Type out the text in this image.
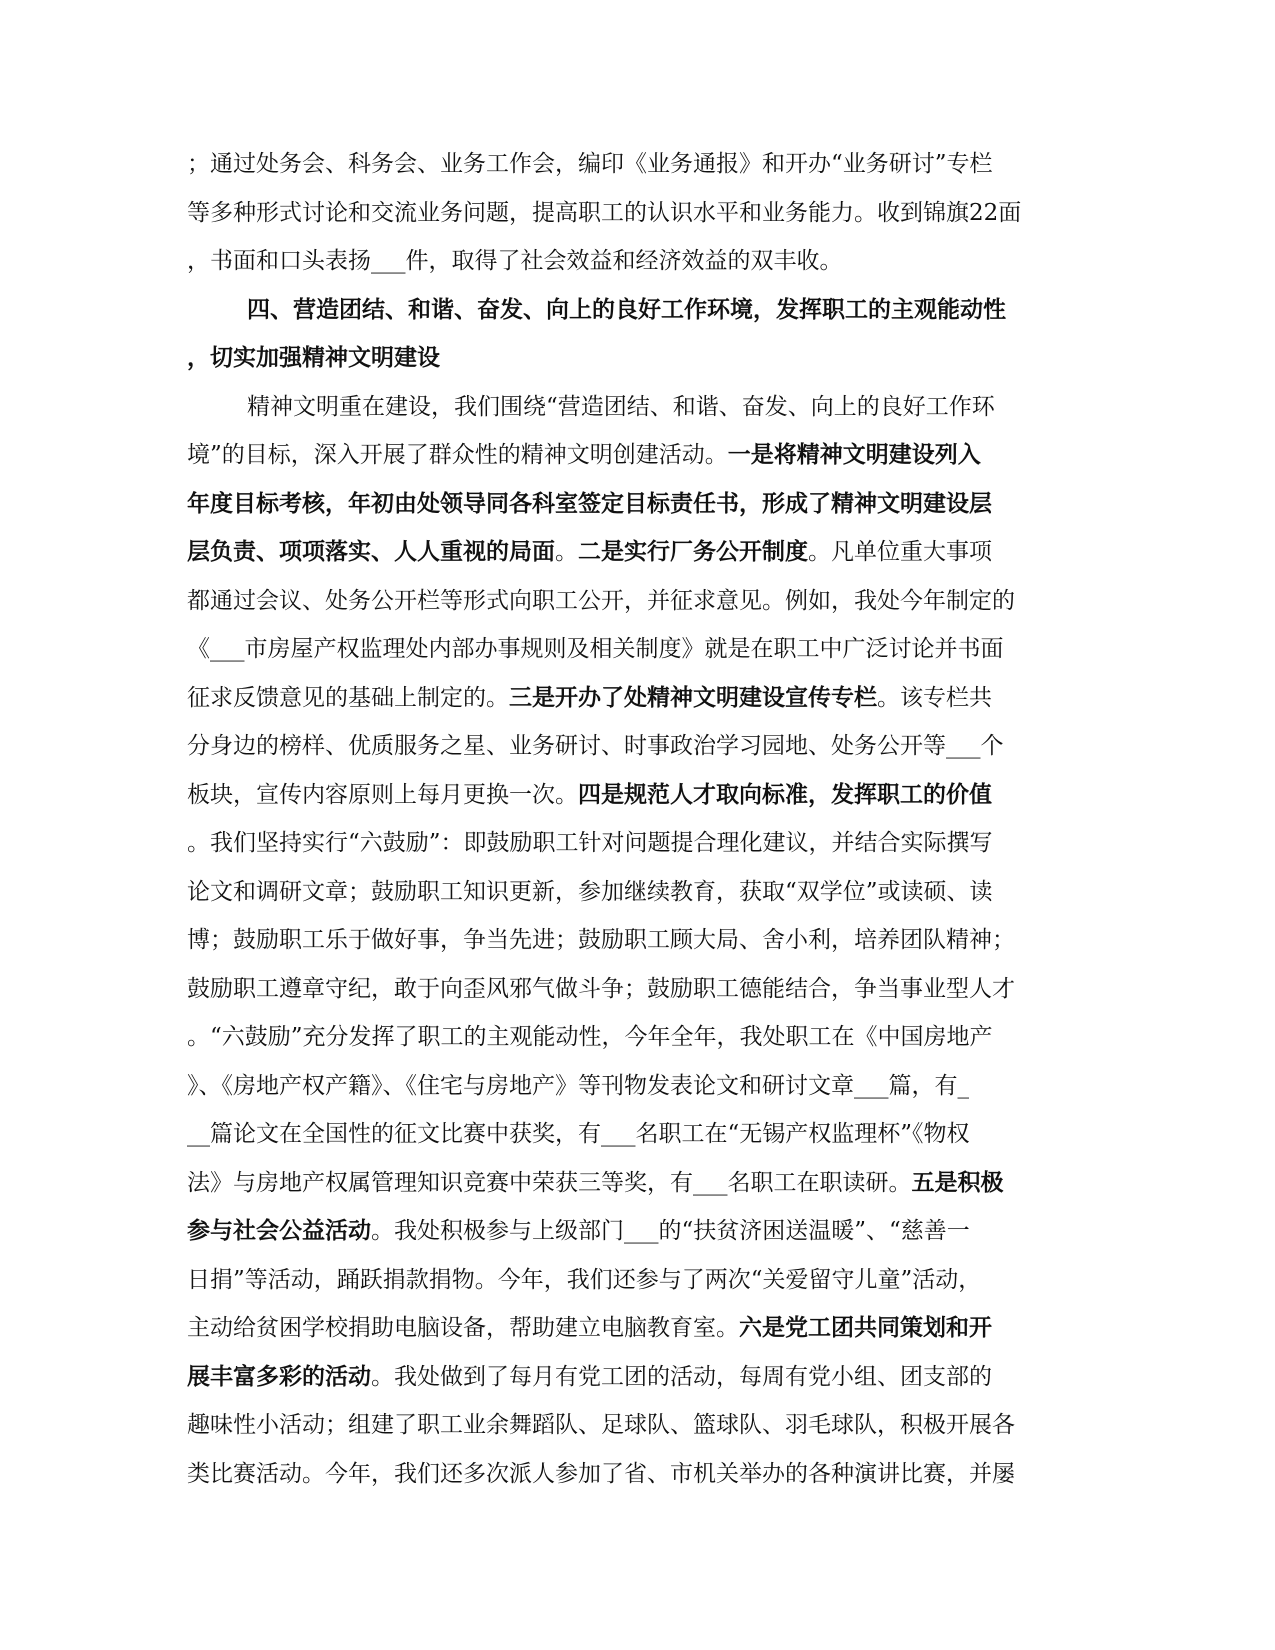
；通过处务会、科务会、业务工作会，编印《业务通报》和开办“业务研讨”专栏
等多种形式讨论和交流业务问题，提高职工的认识水平和业务能力。收到锦旗22面
，书面和口头表扬___件，取得了社会效益和经济效益的双丰收。
四、营造团结、和谐、奋发、向上的良好工作环境，发挥职工的主观能动性
，切实加强精神文明建设
精神文明重在建设，我们围绕“营造团结、和谐、奋发、向上的良好工作环
境”的目标，深入开展了群众性的精神文明创建活动。一是将精神文明建设列入
年度目标考核，年初由处领导同各科室签定目标责任书，形成了精神文明建设层
层负责、项项落实、人人重视的局面。二是实行厂务公开制度。凡单位重大事项
都通过会议、处务公开栏等形式向职工公开，并征求意见。例如，我处今年制定的
《___市房屋产权监理处内部办事规则及相关制度》就是在职工中广泛讨论并书面
征求反馈意见的基础上制定的。三是开办了处精神文明建设宣传专栏。该专栏共
分身边的榜样、优质服务之星、业务研讨、时事政治学习园地、处务公开等___个
板块，宣传内容原则上每月更换一次。四是规范人才取向标准，发挥职工的价值
。我们坚持实行“六鼓励”：即鼓励职工针对问题提合理化建议，并结合实际撰写
论文和调研文章；鼓励职工知识更新，参加继续教育，获取“双学位”或读硕、读
博；鼓励职工乐于做好事，争当先进；鼓励职工顾大局、舍小利，培养团队精神；
鼓励职工遵章守纪，敢于向歪风邪气做斗争；鼓励职工德能结合，争当事业型人才
。“六鼓励”充分发挥了职工的主观能动性，今年全年，我处职工在《中国房地产
》、《房地产权产籍》、《住宅与房地产》等刊物发表论文和研讨文章___篇，有_
__篇论文在全国性的征文比赛中获奖，有___名职工在“无锡产权监理杯”《物权
法》与房地产权属管理知识竞赛中荣获三等奖，有___名职工在职读研。五是积极
参与社会公益活动。我处积极参与上级部门___的“扶贫济困送温暖”、“慈善一
日捐”等活动，踊跃捐款捐物。今年，我们还参与了两次“关爱留守儿童”活动，
主动给贫困学校捐助电脑设备，帮助建立电脑教育室。六是党工团共同策划和开
展丰富多彩的活动。我处做到了每月有党工团的活动，每周有党小组、团支部的
趣味性小活动；组建了职工业余舞蹈队、足球队、篮球队、羽毛球队，积极开展各
类比赛活动。今年，我们还多次派人参加了省、市机关举办的各种演讲比赛，并屡
